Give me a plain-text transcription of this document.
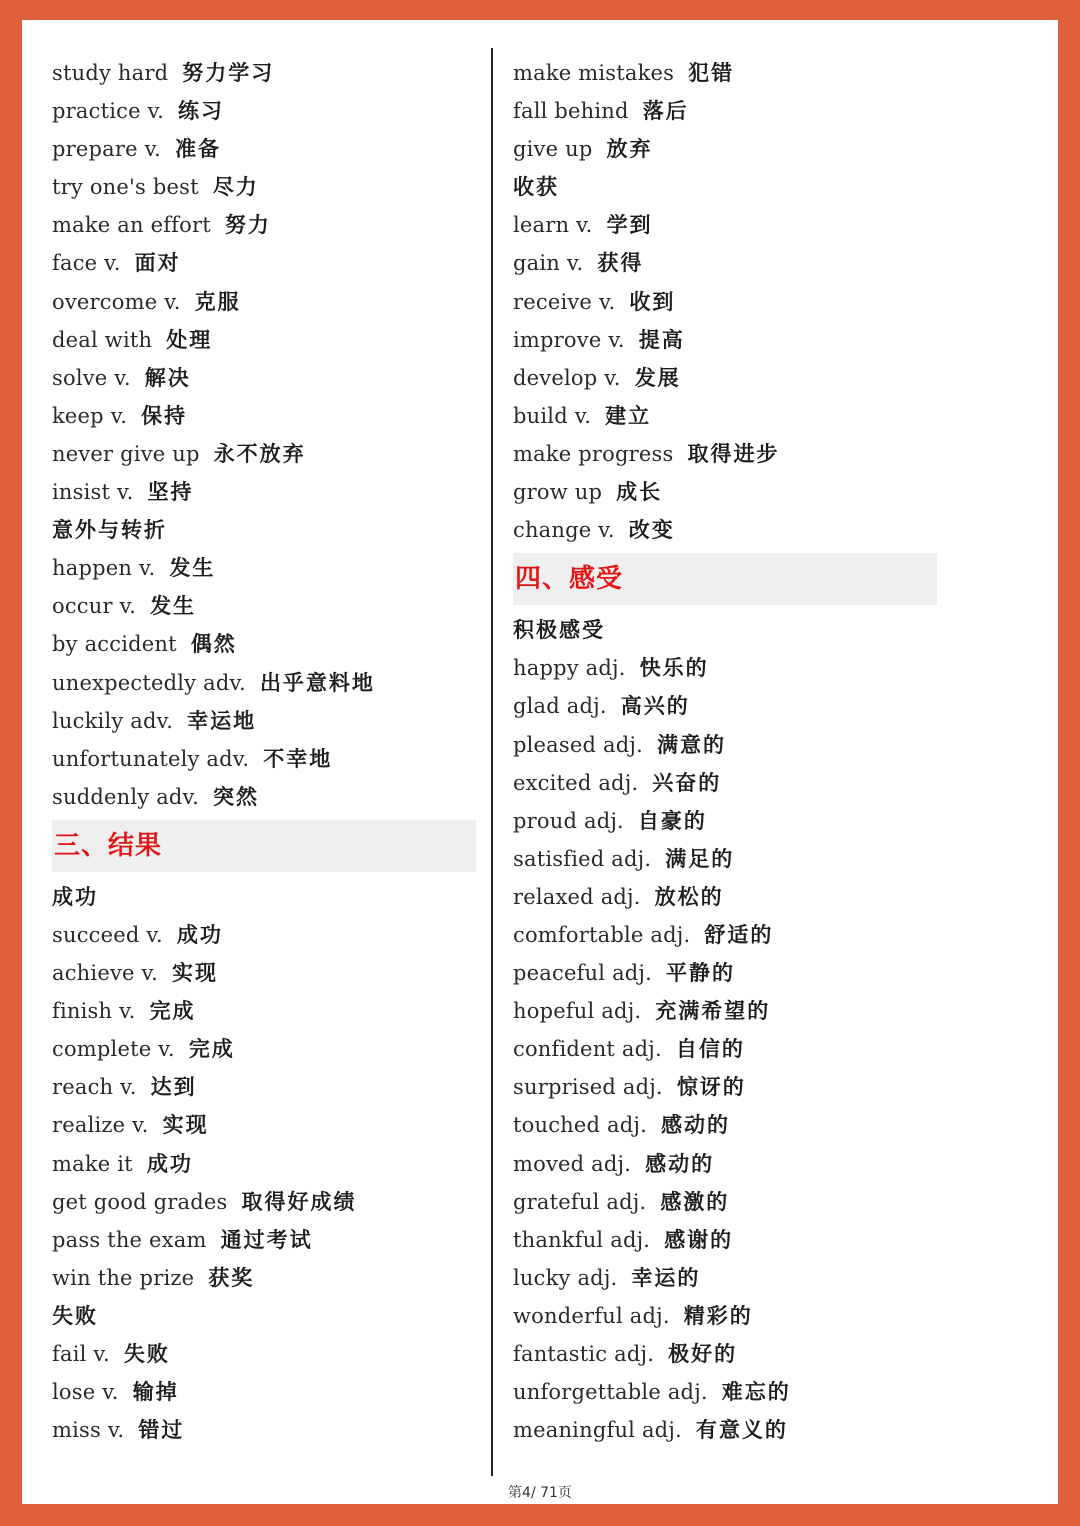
study hard 努力学习
practice v. 练习
prepare v. 准备
try one's best 尽力
make an effort 努力
face v. 面对
overcome v. 克服
deal with 处理
solve v. 解决
keep v. 保持
never give up 永不放弃
insist v. 坚持
意外与转折
happen v. 发生
occur v. 发生
by accident 偶然
unexpectedly adv. 出乎意料地
luckily adv. 幸运地
unfortunately adv. 不幸地
suddenly adv. 突然
三、结果
成功
succeed v. 成功
achieve v. 实现
finish v. 完成
complete v. 完成
reach v. 达到
realize v. 实现
make it 成功
get good grades 取得好成绩
pass the exam 通过考试
win the prize 获奖
失败
fail v. 失败
lose v. 输掉
miss v. 错过
make mistakes 犯错
fall behind 落后
give up 放弃
收获
learn v. 学到
gain v. 获得
receive v. 收到
improve v. 提高
develop v. 发展
build v. 建立
make progress 取得进步
grow up 成长
change v. 改变
四、感受
积极感受
happy adj. 快乐的
glad adj. 高兴的
pleased adj. 满意的
excited adj. 兴奋的
proud adj. 自豪的
satisfied adj. 满足的
relaxed adj. 放松的
comfortable adj. 舒适的
peaceful adj. 平静的
hopeful adj. 充满希望的
confident adj. 自信的
surprised adj. 惊讶的
touched adj. 感动的
moved adj. 感动的
grateful adj. 感激的
thankful adj. 感谢的
lucky adj. 幸运的
wonderful adj. 精彩的
fantastic adj. 极好的
unforgettable adj. 难忘的
meaningful adj. 有意义的
第4/ 71页
